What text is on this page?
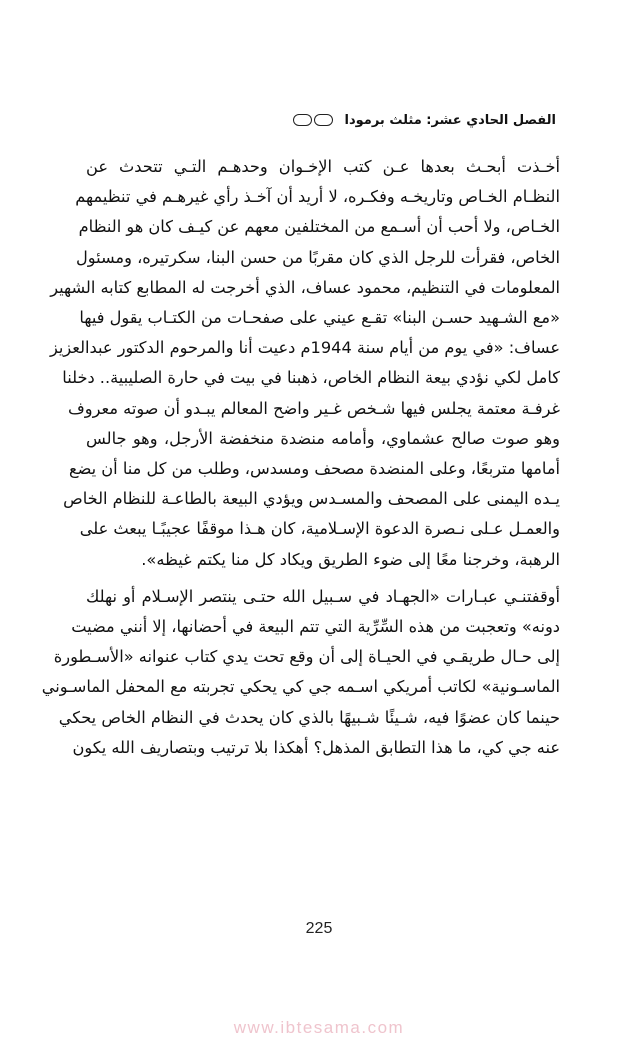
الفصل الحادي عشر: مثلث برمودا

أخـذت أبحـث بعدها عـن كتب الإخـوان وحدهـم التـي تتحدث عن
النظـام الخـاص وتاريخـه وفكـره، لا أريد أن آخـذ رأي غيرهـم في تنظيمهم
الخـاص، ولا أحب أن أسـمع من المختلفين معهم عن كيـف كان هو النظام
الخاص، فقرأت للرجل الذي كان مقربًا من حسن البنا، سكرتيره، ومسئول
المعلومات في التنظيم، محمود عساف، الذي أخرجت له المطابع كتابه الشهير
«مع الشـهيد حسـن البنا» تقـع عيني على صفحـات من الكتـاب يقول فيها
عساف: «في يوم من أيام سنة 1944م دعيت أنا والمرحوم الدكتور عبدالعزيز
كامل لكي نؤدي بيعة النظام الخاص، ذهبنا في بيت في حارة الصليبية.. دخلنا
غرفـة معتمة يجلس فيها شـخص غـير واضح المعالم يبـدو أن صوته معروف
وهو صوت صالح عشماوي، وأمامه منضدة منخفضة الأرجل، وهو جالس
أمامها متربعًا، وعلى المنضدة مصحف ومسدس، وطلب من كل منا أن يضع
يـده اليمنى على المصحف والمسـدس ويؤدي البيعة بالطاعـة للنظام الخاص
والعمـل عـلى نـصرة الدعوة الإسـلامية، كان هـذا موقفًا عجيبًـا يبعث على
الرهبة، وخرجنا معًا إلى ضوء الطريق ويكاد كل منا يكتم غيظه».

أوقفتنـي عبـارات «الجهـاد في سـبيل الله حتـى ينتصر الإسـلام أو نهلك
دونه» وتعجبت من هذه السِّرِّية التي تتم البيعة في أحضانها، إلا أنني مضيت
إلى حـال طريقـي في الحيـاة إلى أن وقع تحت يدي كتاب عنوانه «الأسـطورة
الماسـونية» لكاتب أمريكي اسـمه جي كي يحكي تجربته مع المحفل الماسـوني
حينما كان عضوًا فيه، شـيئًا شـبيهًا بالذي كان يحدث في النظام الخاص يحكي
عنه جي كي، ما هذا التطابق المذهل؟ أهكذا بلا ترتيب وبتصاريف الله يكون

225
www.ibtesama.com
